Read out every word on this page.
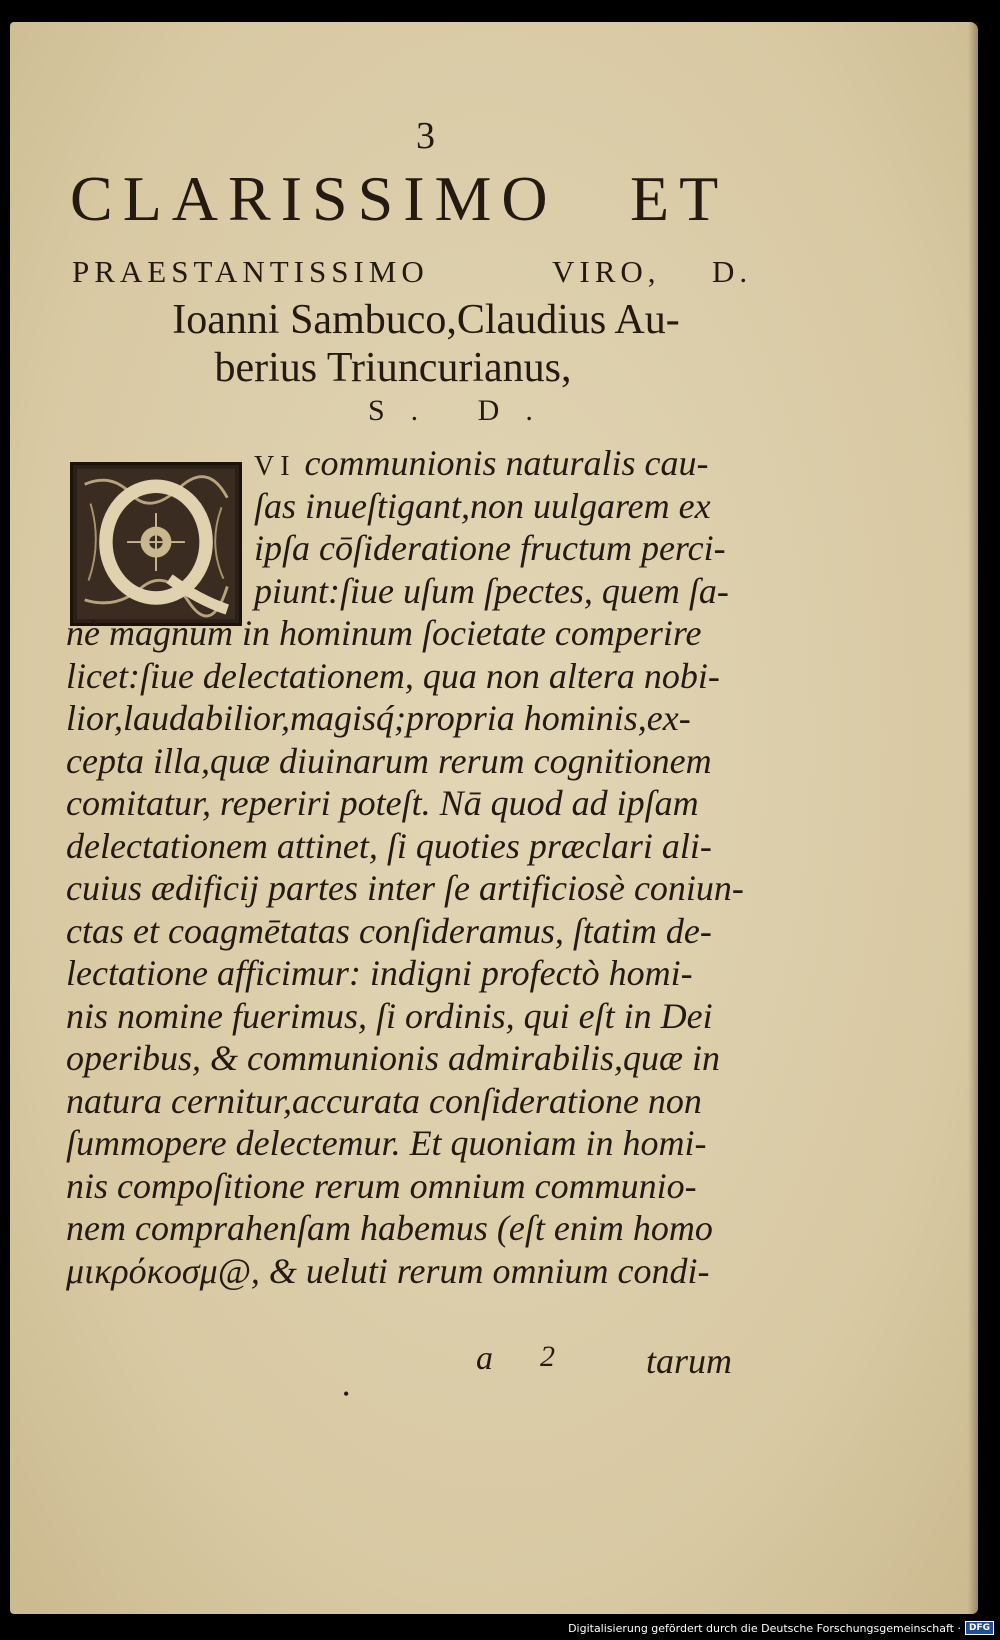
3
CLARISSIMO ET
PRAESTANTISSIMO	VIRO, D.
Ioanni Sambuco,Claudius Au-
berius Triuncurianus,
S. D.
VI communionis naturalis cau-
ſas inueſtigant,non uulgarem ex
ipſa cōſideratione fructum perci-
piunt:ſiue uſum ſpectes, quem ſa-
nè magnum in hominum ſocietate comperire
licet:ſiue delectationem, qua non altera nobi-
lior,laudabilior,magisq́;propria hominis,ex-
cepta illa,quæ diuinarum rerum cognitionem
comitatur, reperiri poteſt. Nā quod ad ipſam
delectationem attinet, ſi quoties præclari ali-
cuius ædificij partes inter ſe artificiosè coniun-
ctas et coagmētatas conſideramus, ſtatim de-
lectatione afficimur: indigni profectò homi-
nis nomine fuerimus, ſi ordinis, qui eſt in Dei
operibus, & communionis admirabilis,quæ in
natura cernitur,accurata conſideratione non
ſummopere delectemur. Et quoniam in homi-
nis compoſitione rerum omnium communio-
nem comprahenſam habemus (eſt enim homo
μικρόκοσμ@, & ueluti rerum omnium condi-
a 2	tarum
•
Digitalisierung gefördert durch die Deutsche Forschungsgemeinschaft · DFG
